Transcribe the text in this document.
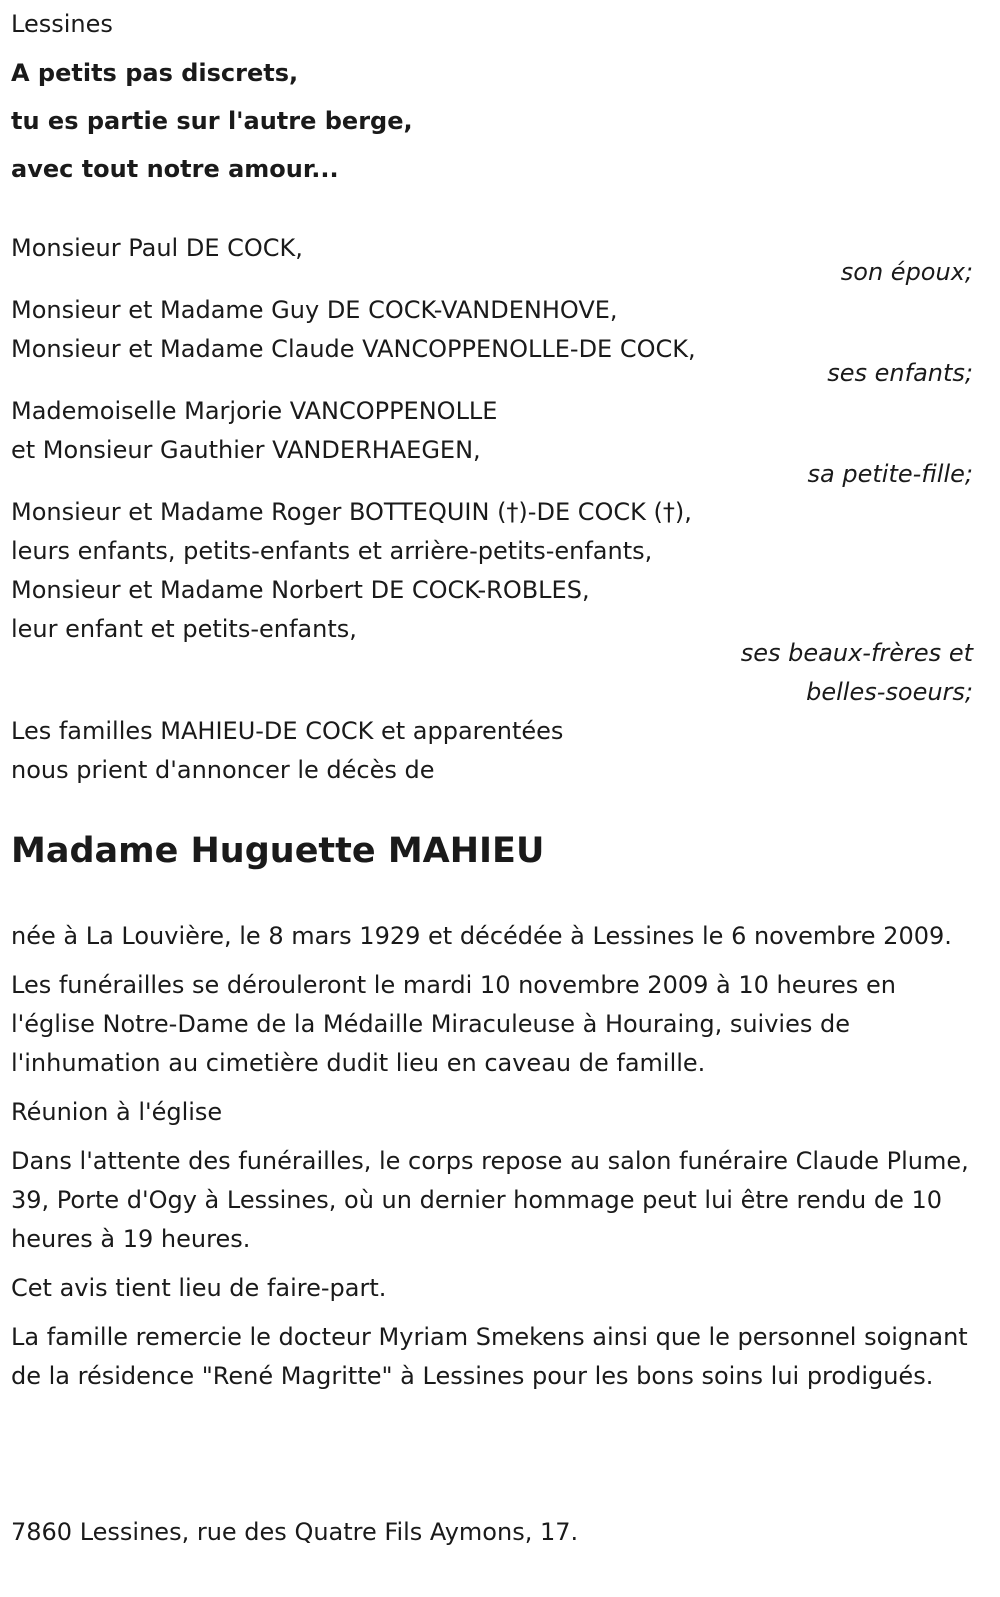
Lessines
A petits pas discrets,
tu es partie sur l'autre berge,
avec tout notre amour...
Monsieur Paul DE COCK,
son époux;
Monsieur et Madame Guy DE COCK-VANDENHOVE,
Monsieur et Madame Claude VANCOPPENOLLE-DE COCK,
ses enfants;
Mademoiselle Marjorie VANCOPPENOLLE
et Monsieur Gauthier VANDERHAEGEN,
sa petite-fille;
Monsieur et Madame Roger BOTTEQUIN (†)-DE COCK (†),
leurs enfants, petits-enfants et arrière-petits-enfants,
Monsieur et Madame Norbert DE COCK-ROBLES,
leur enfant et petits-enfants,
ses beaux-frères et
belles-soeurs;
Les familles MAHIEU-DE COCK et apparentées
nous prient d'annoncer le décès de
Madame Huguette MAHIEU

née à La Louvière, le 8 mars 1929 et décédée à Lessines le 6 novembre 2009.

Les funérailles se dérouleront le mardi 10 novembre 2009 à 10 heures en l'église Notre-Dame de la Médaille Miraculeuse à Houraing, suivies de l'inhumation au cimetière dudit lieu en caveau de famille.

Réunion à l'église

Dans l'attente des funérailles, le corps repose au salon funéraire Claude Plume, 39, Porte d'Ogy à Lessines, où un dernier hommage peut lui être rendu de 10 heures à 19 heures.

Cet avis tient lieu de faire-part.

La famille remercie le docteur Myriam Smekens ainsi que le personnel soignant de la résidence "René Magritte" à Lessines pour les bons soins lui prodigués.

7860 Lessines, rue des Quatre Fils Aymons, 17.
